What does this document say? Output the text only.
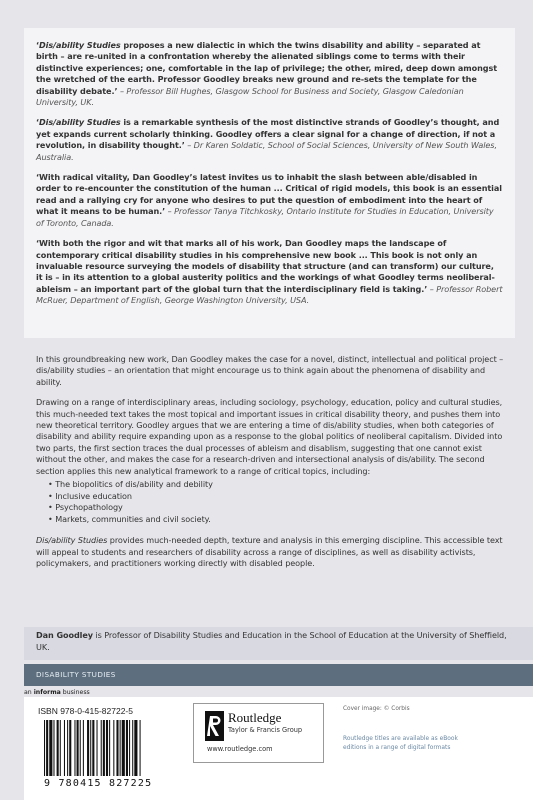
‘Dis/ability Studies proposes a new dialectic in which the twins disability and ability – separated at birth – are re-united in a confrontation whereby the alienated siblings come to terms with their distinctive experiences; one, comfortable in the lap of privilege; the other, mired, deep down amongst the wretched of the earth. Professor Goodley breaks new ground and re-sets the template for the disability debate.’ – Professor Bill Hughes, Glasgow School for Business and Society, Glasgow Caledonian University, UK.

‘Dis/ability Studies is a remarkable synthesis of the most distinctive strands of Goodley’s thought, and yet expands current scholarly thinking. Goodley offers a clear signal for a change of direction, if not a revolution, in disability thought.’ – Dr Karen Soldatic, School of Social Sciences, University of New South Wales, Australia.

‘With radical vitality, Dan Goodley’s latest invites us to inhabit the slash between able/disabled in order to re-encounter the constitution of the human ... Critical of rigid models, this book is an essential read and a rallying cry for anyone who desires to put the question of embodiment into the heart of what it means to be human.’ – Professor Tanya Titchkosky, Ontario Institute for Studies in Education, University of Toronto, Canada.

‘With both the rigor and wit that marks all of his work, Dan Goodley maps the landscape of contemporary critical disability studies in his comprehensive new book ... This book is not only an invaluable resource surveying the models of disability that structure (and can transform) our culture, it is – in its attention to a global austerity politics and the workings of what Goodley terms neoliberal-ableism – an important part of the global turn that the interdisciplinary field is taking.’ – Professor Robert McRuer, Department of English, George Washington University, USA.

In this groundbreaking new work, Dan Goodley makes the case for a novel, distinct, intellectual and political project – dis/ability studies – an orientation that might encourage us to think again about the phenomena of disability and ability.

Drawing on a range of interdisciplinary areas, including sociology, psychology, education, policy and cultural studies, this much-needed text takes the most topical and important issues in critical disability theory, and pushes them into new theoretical territory. Goodley argues that we are entering a time of dis/ability studies, when both categories of disability and ability require expanding upon as a response to the global politics of neoliberal capitalism. Divided into two parts, the first section traces the dual processes of ableism and disablism, suggesting that one cannot exist without the other, and makes the case for a research-driven and intersectional analysis of dis/ability. The second section applies this new analytical framework to a range of critical topics, including:

• The biopolitics of dis/ability and debility
• Inclusive education
• Psychopathology
• Markets, communities and civil society.

Dis/ability Studies provides much-needed depth, texture and analysis in this emerging discipline. This accessible text will appeal to students and researchers of disability across a range of disciplines, as well as disability activists, policymakers, and practitioners working directly with disabled people.

Dan Goodley is Professor of Disability Studies and Education in the School of Education at the University of Sheffield, UK.
DISABILITY STUDIES
an informa business
ISBN 978-0-415-82722-5
9 780415 827225
Routledge
Taylor & Francis Group
www.routledge.com
Cover image: © Corbis
Routledge titles are available as eBook editions in a range of digital formats
